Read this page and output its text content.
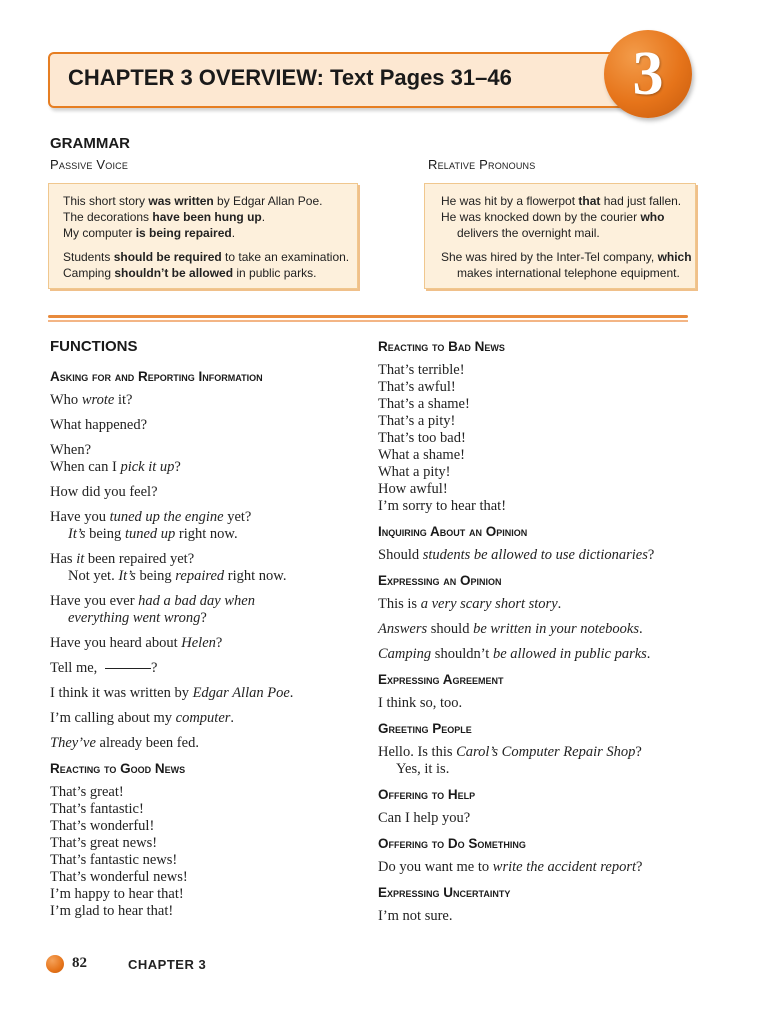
CHAPTER 3 OVERVIEW: Text Pages 31–46 3
GRAMMAR
Passive Voice	Relative Pronouns
This short story was written by Edgar Allan Poe.
The decorations have been hung up.
My computer is being repaired.
Students should be required to take an examination.
Camping shouldn’t be allowed in public parks.
He was hit by a flowerpot that had just fallen.
He was knocked down by the courier who
delivers the overnight mail.
She was hired by the Inter-Tel company, which
makes international telephone equipment.
FUNCTIONS
Asking for and Reporting Information
Who wrote it?
What happened?
When?
When can I pick it up?
How did you feel?
Have you tuned up the engine yet?
It’s being tuned up right now.
Has it been repaired yet?
Not yet. It’s being repaired right now.
Have you ever had a bad day when
everything went wrong?
Have you heard about Helen?
Tell me,	?
I think it was written by Edgar Allan Poe.
I’m calling about my computer.
They’ve already been fed.
Reacting to Good News
That’s great!
That’s fantastic!
That’s wonderful!
That’s great news!
That’s fantastic news!
That’s wonderful news!
I’m happy to hear that!
I’m glad to hear that!
Reacting to Bad News
That’s terrible!
That’s awful!
That’s a shame!
That’s a pity!
That’s too bad!
What a shame!
What a pity!
How awful!
I’m sorry to hear that!
Inquiring About an Opinion
Should students be allowed to use dictionaries?
Expressing an Opinion
This is a very scary short story.
Answers should be written in your notebooks.
Camping shouldn’t be allowed in public parks.
Expressing Agreement
I think so, too.
Greeting People
Hello. Is this Carol’s Computer Repair Shop?
Yes, it is.
Offering to Help
Can I help you?
Offering to Do Something
Do you want me to write the accident report?
Expressing Uncertainty
I’m not sure.
82	CHAPTER 3
